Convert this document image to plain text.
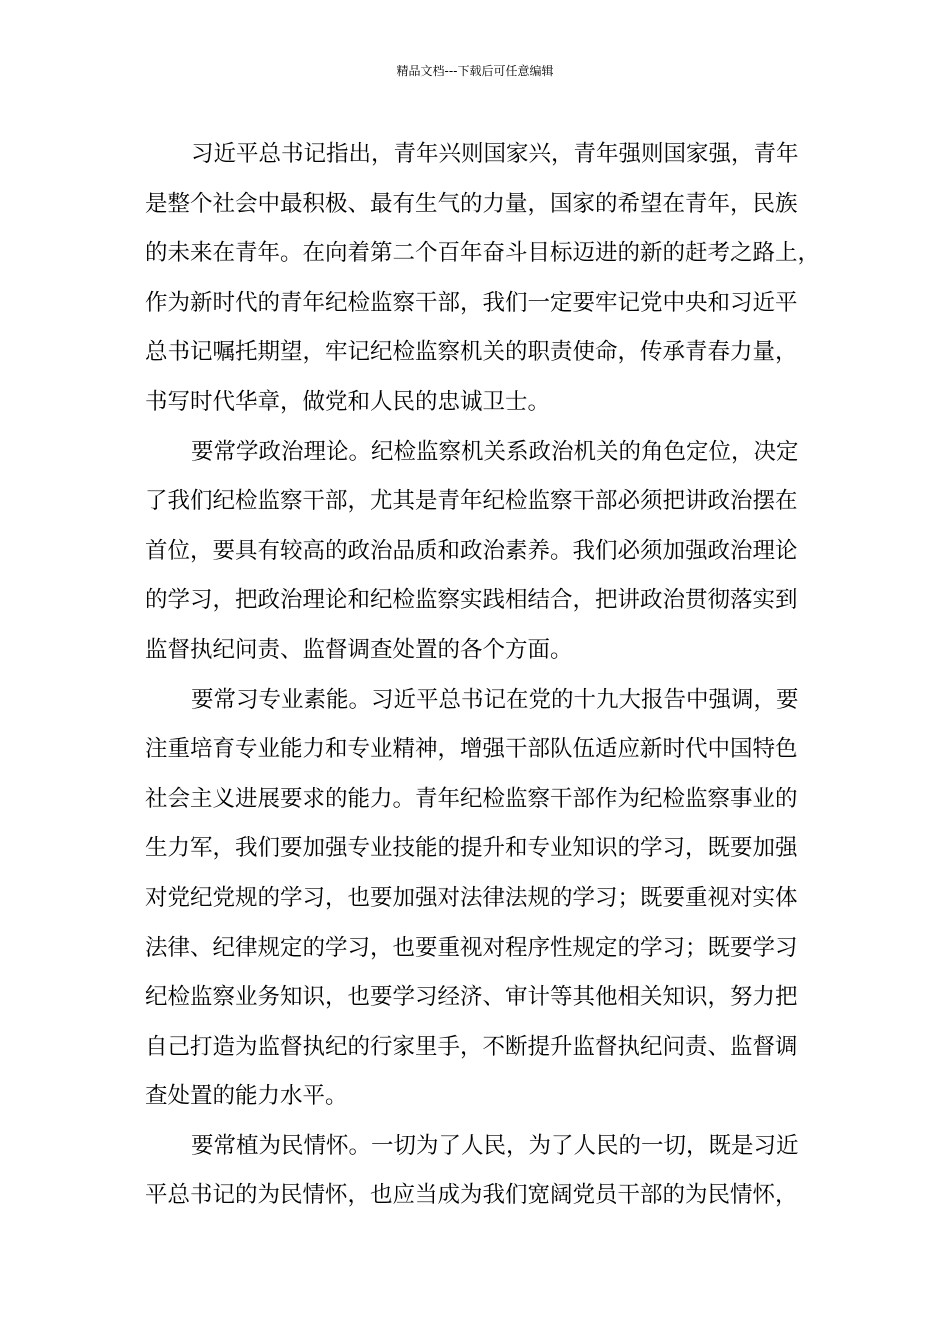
精品文档---下载后可任意编辑
习近平总书记指出，青年兴则国家兴，青年强则国家强，青年
是整个社会中最积极、最有生气的力量，国家的希望在青年，民族
的未来在青年。在向着第二个百年奋斗目标迈进的新的赶考之路上，
作为新时代的青年纪检监察干部，我们一定要牢记党中央和习近平
总书记嘱托期望，牢记纪检监察机关的职责使命，传承青春力量，
书写时代华章，做党和人民的忠诚卫士。
要常学政治理论。纪检监察机关系政治机关的角色定位，决定
了我们纪检监察干部，尤其是青年纪检监察干部必须把讲政治摆在
首位，要具有较高的政治品质和政治素养。我们必须加强政治理论
的学习，把政治理论和纪检监察实践相结合，把讲政治贯彻落实到
监督执纪问责、监督调查处置的各个方面。
要常习专业素能。习近平总书记在党的十九大报告中强调，要
注重培育专业能力和专业精神，增强干部队伍适应新时代中国特色
社会主义进展要求的能力。青年纪检监察干部作为纪检监察事业的
生力军，我们要加强专业技能的提升和专业知识的学习，既要加强
对党纪党规的学习，也要加强对法律法规的学习；既要重视对实体
法律、纪律规定的学习，也要重视对程序性规定的学习；既要学习
纪检监察业务知识，也要学习经济、审计等其他相关知识，努力把
自己打造为监督执纪的行家里手，不断提升监督执纪问责、监督调
查处置的能力水平。
要常植为民情怀。一切为了人民，为了人民的一切，既是习近
平总书记的为民情怀，也应当成为我们宽阔党员干部的为民情怀，
